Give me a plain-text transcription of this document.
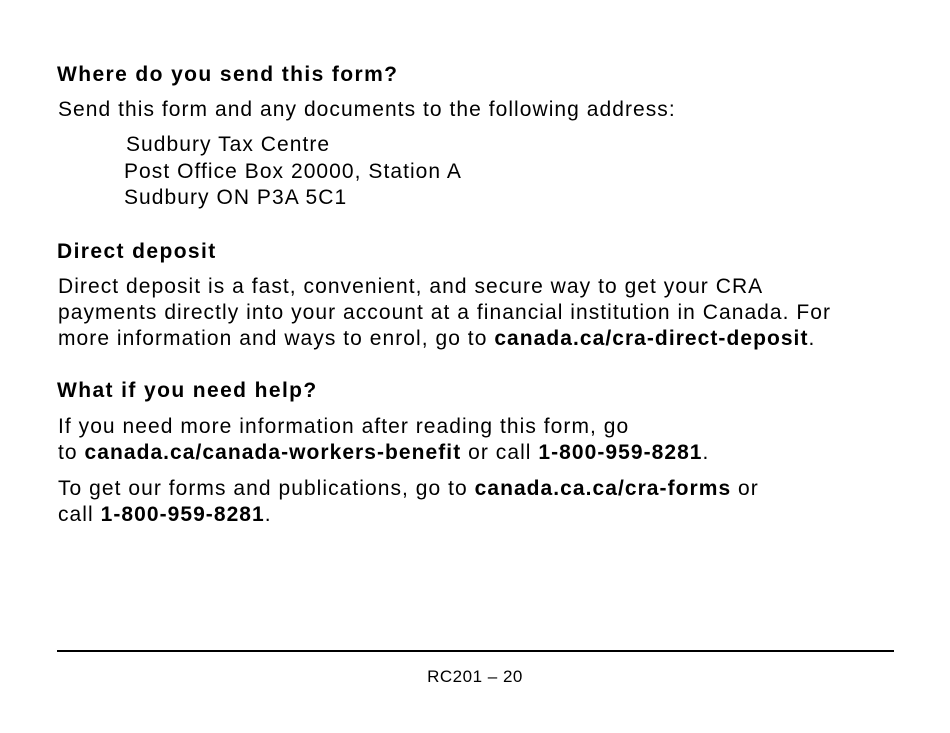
Where do you send this form?

Send this form and any documents to the following address:

Sudbury Tax Centre
Post Office Box 20000, Station A
Sudbury ON P3A 5C1
Direct deposit
Direct deposit is a fast, convenient, and secure way to get your CRA
payments directly into your account at a financial institution in Canada. For
more information and ways to enrol, go to canada.ca/cra-direct-deposit.
What if you need help?
If you need more information after reading this form, go
to canada.ca/canada-workers-benefit or call 1-800-959-8281.
To get our forms and publications, go to canada.ca.ca/cra-forms or
call 1-800-959-8281.
RC201 – 20
